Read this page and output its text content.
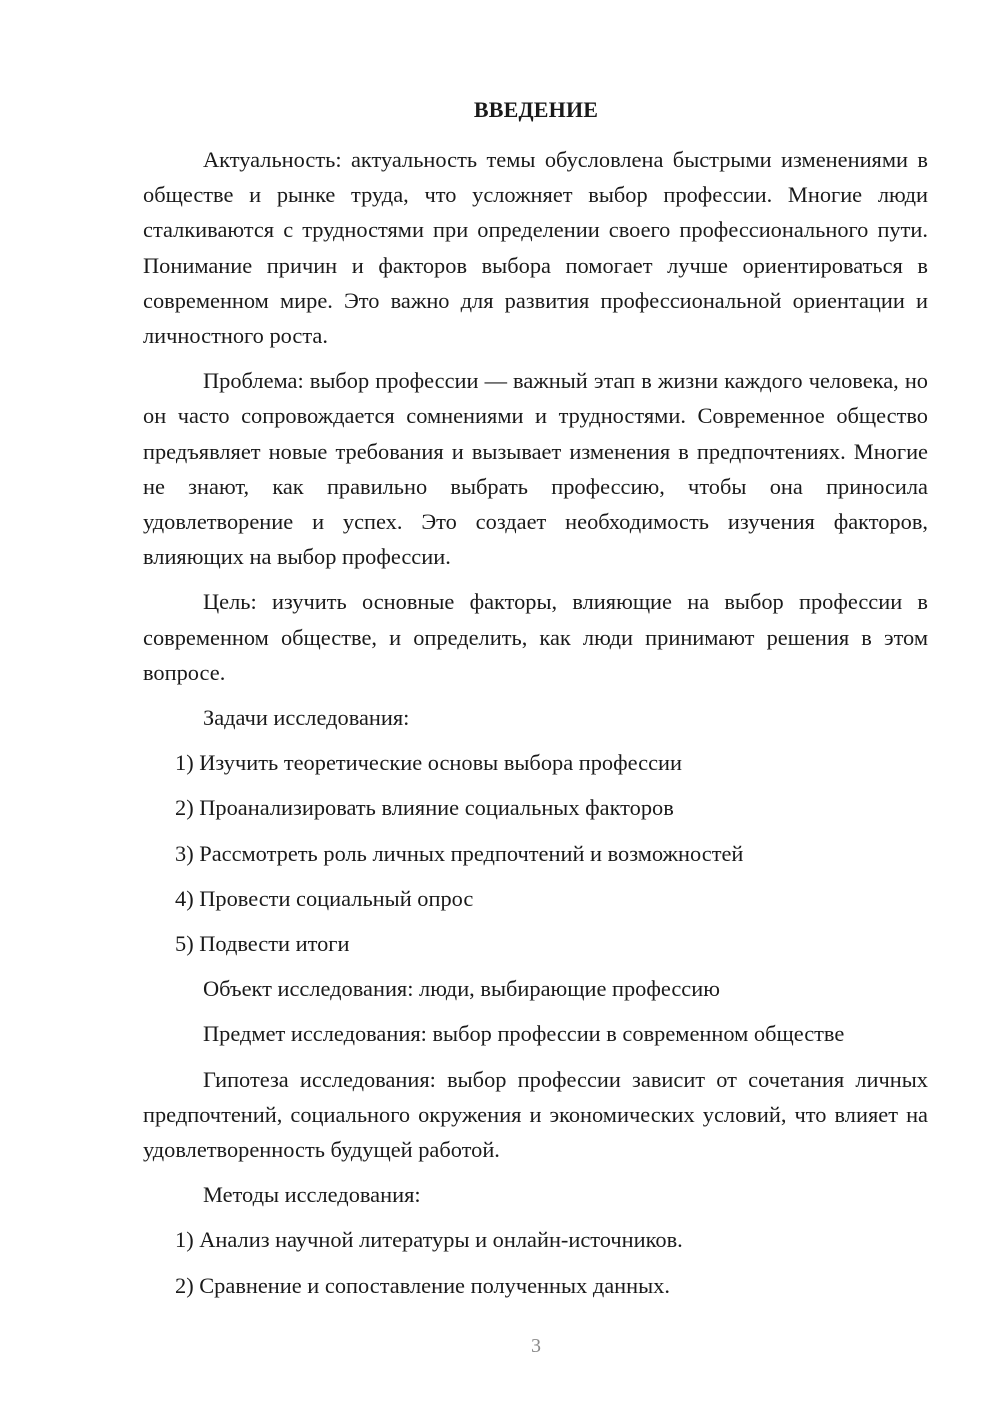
ВВЕДЕНИЕ

Актуальность: актуальность темы обусловлена быстрыми изменениями в обществе и рынке труда, что усложняет выбор профессии. Многие люди сталкиваются с трудностями при определении своего профессионального пути. Понимание причин и факторов выбора помогает лучше ориентироваться в современном мире. Это важно для развития профессиональной ориентации и личностного роста.

Проблема: выбор профессии — важный этап в жизни каждого человека, но он часто сопровождается сомнениями и трудностями. Современное общество предъявляет новые требования и вызывает изменения в предпочтениях. Многие не знают, как правильно выбрать профессию, чтобы она приносила удовлетворение и успех. Это создает необходимость изучения факторов, влияющих на выбор профессии.

Цель: изучить основные факторы, влияющие на выбор профессии в современном обществе, и определить, как люди принимают решения в этом вопросе.

Задачи исследования:

1) Изучить теоретические основы выбора профессии

2) Проанализировать влияние социальных факторов

3) Рассмотреть роль личных предпочтений и возможностей

4) Провести социальный опрос

5) Подвести итоги

Объект исследования: люди, выбирающие профессию

Предмет исследования: выбор профессии в современном обществе

Гипотеза исследования: выбор профессии зависит от сочетания личных предпочтений, социального окружения и экономических условий, что влияет на удовлетворенность будущей работой.

Методы исследования:

1) Анализ научной литературы и онлайн-источников.

2) Сравнение и сопоставление полученных данных.

3
